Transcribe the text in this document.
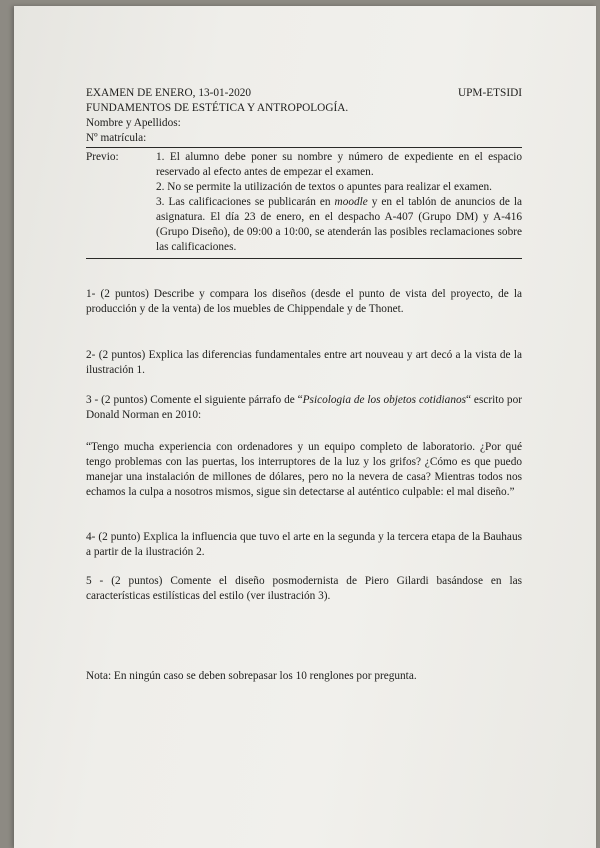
EXAMEN DE ENERO, 13-01-2020	UPM-ETSIDI
FUNDAMENTOS DE ESTÉTICA Y ANTROPOLOGÍA.
Nombre y Apellidos:
Nº matrícula:
Previo:	1. El alumno debe poner su nombre y número de expediente en el espacio reservado al efecto antes de empezar el examen.

2. No se permite la utilización de textos o apuntes para realizar el examen.

3. Las calificaciones se publicarán en moodle y en el tablón de anuncios de la asignatura. El día 23 de enero, en el despacho A-407 (Grupo DM) y A-416 (Grupo Diseño), de 09:00 a 10:00, se atenderán las posibles reclamaciones sobre las calificaciones.

1- (2 puntos) Describe y compara los diseños (desde el punto de vista del proyecto, de la producción y de la venta) de los muebles de Chippendale y de Thonet.

2- (2 puntos) Explica las diferencias fundamentales entre art nouveau y art decó a la vista de la ilustración 1.

3 - (2 puntos) Comente el siguiente párrafo de “Psicologia de los objetos cotidianos“ escrito por Donald Norman en 2010:

“Tengo mucha experiencia con ordenadores y un equipo completo de laboratorio. ¿Por qué tengo problemas con las puertas, los interruptores de la luz y los grifos? ¿Cómo es que puedo manejar una instalación de millones de dólares, pero no la nevera de casa? Mientras todos nos echamos la culpa a nosotros mismos, sigue sin detectarse al auténtico culpable: el mal diseño.”

4- (2 punto) Explica la influencia que tuvo el arte en la segunda y la tercera etapa de la Bauhaus a partir de la ilustración 2.

5 - (2 puntos) Comente el diseño posmodernista de Piero Gilardi basándose en las características estilísticas del estilo (ver ilustración 3).

Nota: En ningún caso se deben sobrepasar los 10 renglones por pregunta.
